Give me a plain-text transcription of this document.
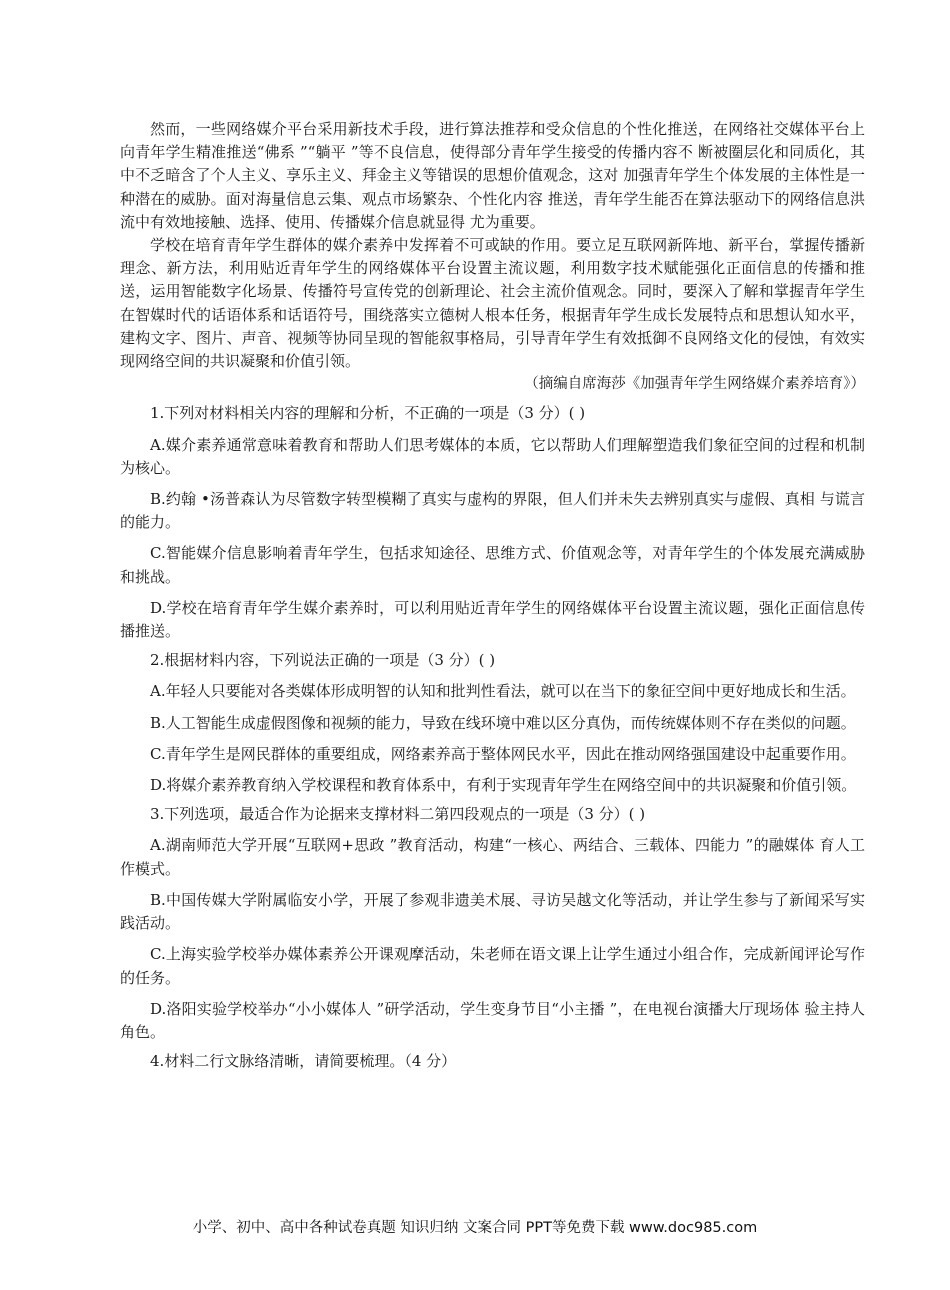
然而，一些网络媒介平台采用新技术手段，进行算法推荐和受众信息的个性化推送，在网络社交媒体平台上向青年学生精准推送“佛系 ”“躺平 ”等不良信息，使得部分青年学生接受的传播内容不 断被圈层化和同质化，其中不乏暗含了个人主义、享乐主义、拜金主义等错误的思想价值观念，这对 加强青年学生个体发展的主体性是一种潜在的威胁。面对海量信息云集、观点市场繁杂、个性化内容 推送，青年学生能否在算法驱动下的网络信息洪流中有效地接触、选择、使用、传播媒介信息就显得 尤为重要。

学校在培育青年学生群体的媒介素养中发挥着不可或缺的作用。要立足互联网新阵地、新平台，掌握传播新理念、新方法，利用贴近青年学生的网络媒体平台设置主流议题，利用数字技术赋能强化正面信息的传播和推送，运用智能数字化场景、传播符号宣传党的创新理论、社会主流价值观念。同时，要深入了解和掌握青年学生在智媒时代的话语体系和话语符号，围绕落实立德树人根本任务，根据青年学生成长发展特点和思想认知水平，建构文字、图片、声音、视频等协同呈现的智能叙事格局，引导青年学生有效抵御不良网络文化的侵蚀，有效实现网络空间的共识凝聚和价值引领。

（摘编自席海莎《加强青年学生网络媒介素养培育》）

1.下列对材料相关内容的理解和分析，不正确的一项是（3 分）( )

A.媒介素养通常意味着教育和帮助人们思考媒体的本质，它以帮助人们理解塑造我们象征空间的过程和机制为核心。

B.约翰 •汤普森认为尽管数字转型模糊了真实与虚构的界限，但人们并未失去辨别真实与虚假、真相 与谎言的能力。

C.智能媒介信息影响着青年学生，包括求知途径、思维方式、价值观念等，对青年学生的个体发展充满威胁和挑战。

D.学校在培育青年学生媒介素养时，可以利用贴近青年学生的网络媒体平台设置主流议题，强化正面信息传播推送。

2.根据材料内容，下列说法正确的一项是（3 分）( )

A.年轻人只要能对各类媒体形成明智的认知和批判性看法，就可以在当下的象征空间中更好地成长和生活。

B.人工智能生成虚假图像和视频的能力，导致在线环境中难以区分真伪，而传统媒体则不存在类似的问题。

C.青年学生是网民群体的重要组成，网络素养高于整体网民水平，因此在推动网络强国建设中起重要作用。

D.将媒介素养教育纳入学校课程和教育体系中，有利于实现青年学生在网络空间中的共识凝聚和价值引领。

3.下列选项，最适合作为论据来支撑材料二第四段观点的一项是（3 分）( )

A.湖南师范大学开展“互联网+思政 ”教育活动，构建“一核心、两结合、三载体、四能力 ”的融媒体 育人工作模式。

B.中国传媒大学附属临安小学，开展了参观非遗美术展、寻访吴越文化等活动，并让学生参与了新闻采写实践活动。

C.上海实验学校举办媒体素养公开课观摩活动，朱老师在语文课上让学生通过小组合作，完成新闻评论写作的任务。

D.洛阳实验学校举办“小小媒体人 ”研学活动，学生变身节目“小主播 ”，在电视台演播大厅现场体 验主持人角色。

4.材料二行文脉络清晰，请简要梳理。（4 分）

小学、初中、高中各种试卷真题 知识归纳 文案合同 PPT等免费下载 www.doc985.com
